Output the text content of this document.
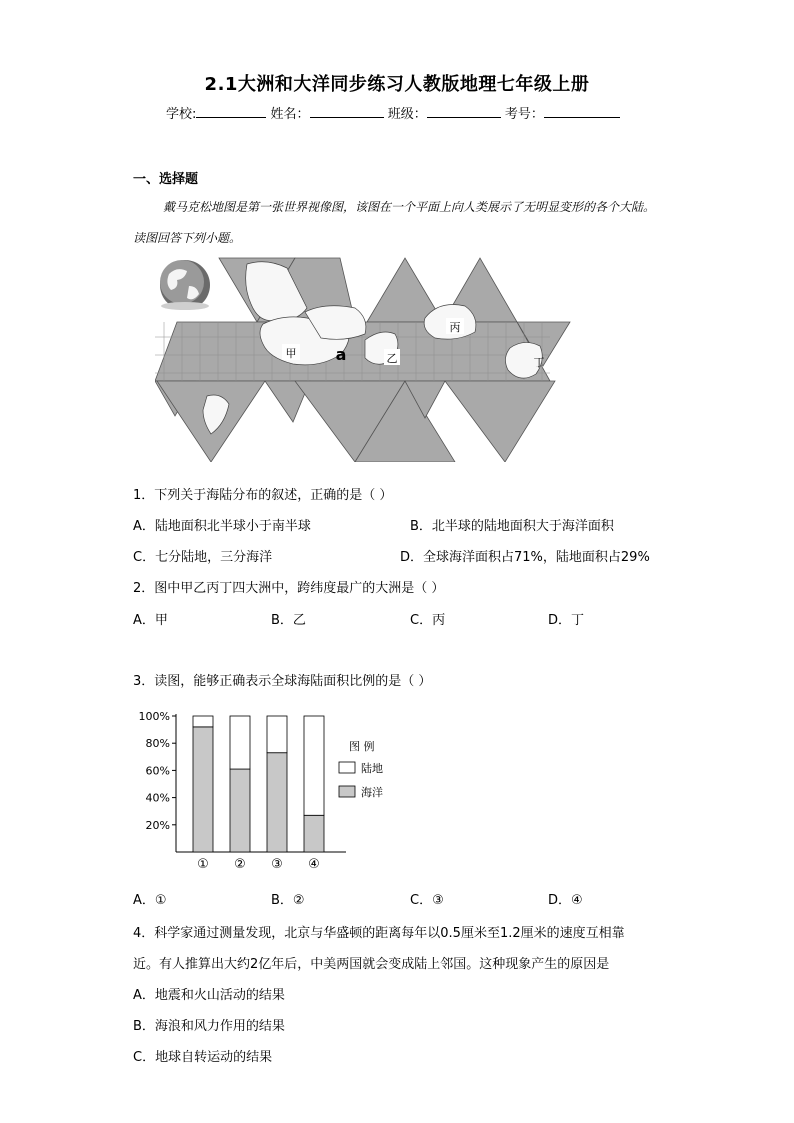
2.1大洲和大洋同步练习人教版地理七年级上册
学校:	姓名：	班级：	考号：
一、选择题
戴马克松地图是第一张世界视像图，该图在一个平面上向人类展示了无明显变形的各个大陆。读图回答下列小题。
甲 a	乙
丙
丁
1．下列关于海陆分布的叙述，正确的是（ ）
A．陆地面积北半球小于南半球	B．北半球的陆地面积大于海洋面积
C．七分陆地，三分海洋	D．全球海洋面积占71%，陆地面积占29%
2．图中甲乙丙丁四大洲中，跨纬度最广的大洲是（ ）
A．甲	B．乙	C．丙	D．丁
3．读图，能够正确表示全球海陆面积比例的是（ ）
20%
40%
60%
80%
100%
① ② ③ ④
图 例
陆地
海洋
A．①	B．②	C．③	D．④
4．科学家通过测量发现，北京与华盛顿的距离每年以0.5厘米至1.2厘米的速度互相靠
近。有人推算出大约2亿年后，中美两国就会变成陆上邻国。这种现象产生的原因是
A．地震和火山活动的结果
B．海浪和风力作用的结果
C．地球自转运动的结果
